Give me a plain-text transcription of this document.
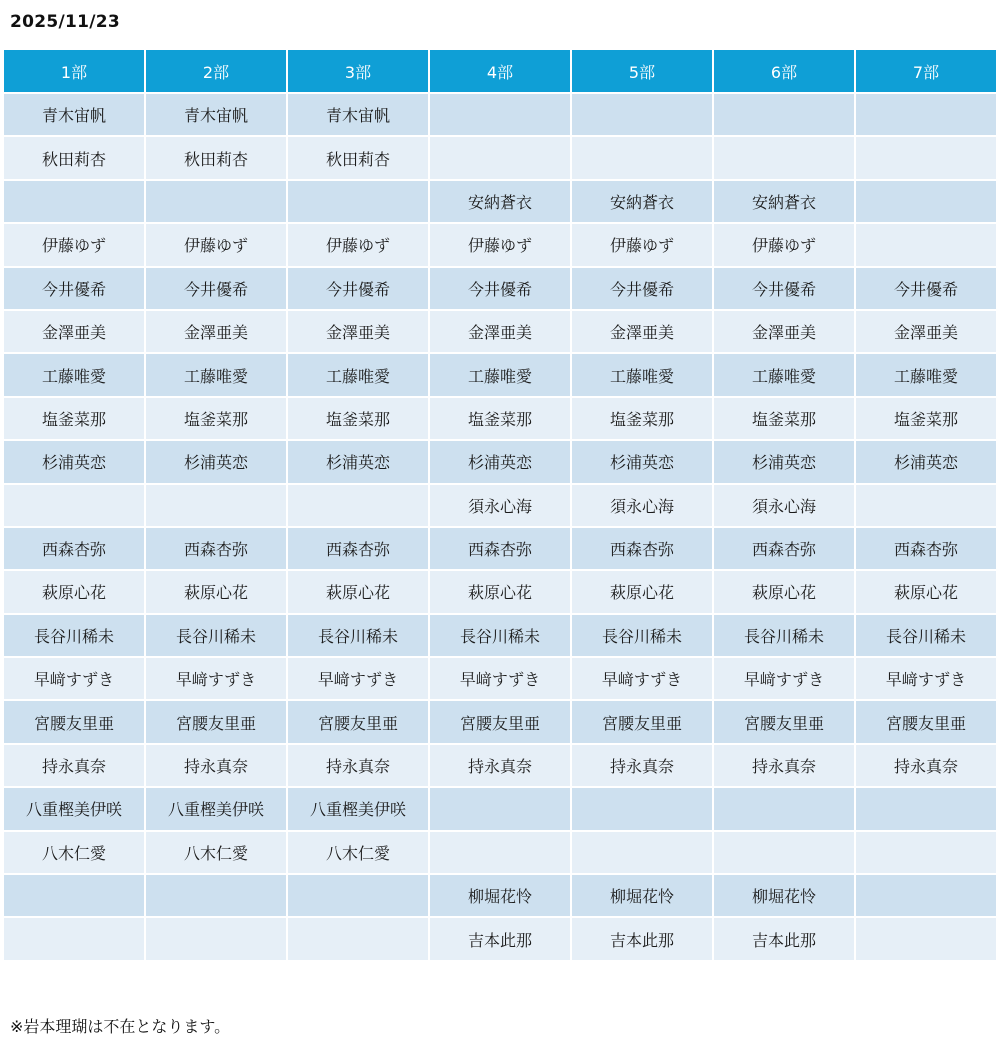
2025/11/23
1部	2部	3部	4部	5部	6部	7部
青木宙帆	青木宙帆	青木宙帆				
秋田莉杏	秋田莉杏	秋田莉杏				
			安納蒼衣	安納蒼衣	安納蒼衣	
伊藤ゆず	伊藤ゆず	伊藤ゆず	伊藤ゆず	伊藤ゆず	伊藤ゆず	
今井優希	今井優希	今井優希	今井優希	今井優希	今井優希	今井優希
金澤亜美	金澤亜美	金澤亜美	金澤亜美	金澤亜美	金澤亜美	金澤亜美
工藤唯愛	工藤唯愛	工藤唯愛	工藤唯愛	工藤唯愛	工藤唯愛	工藤唯愛
塩釜菜那	塩釜菜那	塩釜菜那	塩釜菜那	塩釜菜那	塩釜菜那	塩釜菜那
杉浦英恋	杉浦英恋	杉浦英恋	杉浦英恋	杉浦英恋	杉浦英恋	杉浦英恋
			須永心海	須永心海	須永心海	
西森杏弥	西森杏弥	西森杏弥	西森杏弥	西森杏弥	西森杏弥	西森杏弥
萩原心花	萩原心花	萩原心花	萩原心花	萩原心花	萩原心花	萩原心花
長谷川稀未	長谷川稀未	長谷川稀未	長谷川稀未	長谷川稀未	長谷川稀未	長谷川稀未
早﨑すずき	早﨑すずき	早﨑すずき	早﨑すずき	早﨑すずき	早﨑すずき	早﨑すずき
宮腰友里亜	宮腰友里亜	宮腰友里亜	宮腰友里亜	宮腰友里亜	宮腰友里亜	宮腰友里亜
持永真奈	持永真奈	持永真奈	持永真奈	持永真奈	持永真奈	持永真奈
八重樫美伊咲	八重樫美伊咲	八重樫美伊咲				
八木仁愛	八木仁愛	八木仁愛				
			柳堀花怜	柳堀花怜	柳堀花怜	
			吉本此那	吉本此那	吉本此那	
※岩本理瑚は不在となります。
